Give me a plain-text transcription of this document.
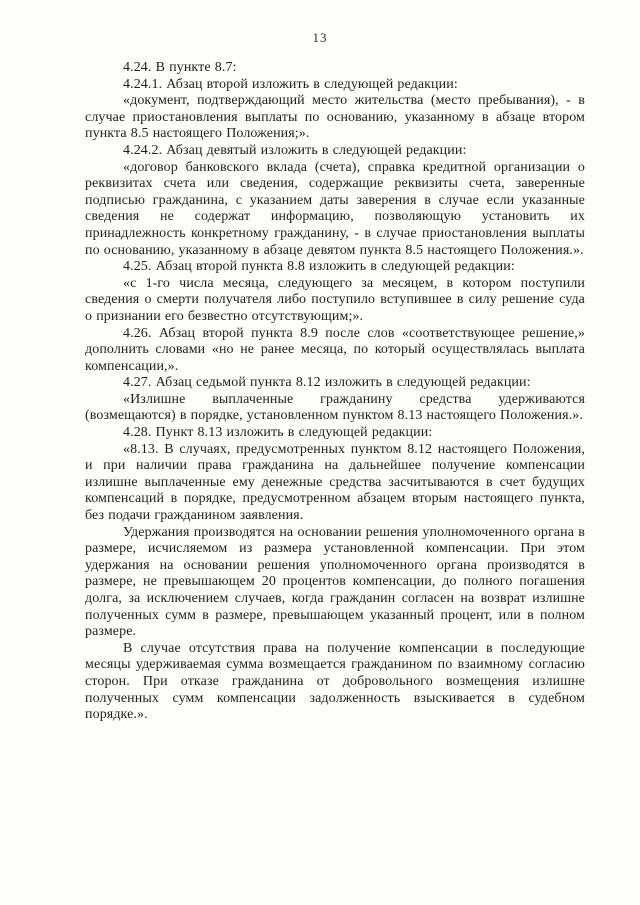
13

4.24. В пункте 8.7:

4.24.1. Абзац второй изложить в следующей редакции:

«документ, подтверждающий место жительства (место пребывания), - в случае приостановления выплаты по основанию, указанному в абзаце втором пункта 8.5 настоящего Положения;».

4.24.2. Абзац девятый изложить в следующей редакции:

«договор банковского вклада (счета), справка кредитной организации о реквизитах счета или сведения, содержащие реквизиты счета, заверенные подписью гражданина, с указанием даты заверения в случае если указанные сведения не содержат информацию, позволяющую установить их принадлежность конкретному гражданину, - в случае приостановления выплаты по основанию, указанному в абзаце девятом пункта 8.5 настоящего Положения.».

4.25. Абзац второй пункта 8.8 изложить в следующей редакции:

«с 1-го числа месяца, следующего за месяцем, в котором поступили сведения о смерти получателя либо поступило вступившее в силу решение суда о признании его безвестно отсутствующим;».

4.26. Абзац второй пункта 8.9 после слов «соответствующее решение,» дополнить словами «но не ранее месяца, по который осуществлялась выплата компенсации,».

4.27. Абзац седьмой пункта 8.12 изложить в следующей редакции:

«Излишне выплаченные гражданину средства удерживаются (возмещаются) в порядке, установленном пунктом 8.13 настоящего Положения.».

4.28. Пункт 8.13 изложить в следующей редакции:

«8.13. В случаях, предусмотренных пунктом 8.12 настоящего Положения, и при наличии права гражданина на дальнейшее получение компенсации излишне выплаченные ему денежные средства засчитываются в счет будущих компенсаций в порядке, предусмотренном абзацем вторым настоящего пункта, без подачи гражданином заявления.

Удержания производятся на основании решения уполномоченного органа в размере, исчисляемом из размера установленной компенсации. При этом удержания на основании решения уполномоченного органа производятся в размере, не превышающем 20 процентов компенсации, до полного погашения долга, за исключением случаев, когда гражданин согласен на возврат излишне полученных сумм в размере, превышающем указанный процент, или в полном размере.

В случае отсутствия права на получение компенсации в последующие месяцы удерживаемая сумма возмещается гражданином по взаимному согласию сторон. При отказе гражданина от добровольного возмещения излишне полученных сумм компенсации задолженность взыскивается в судебном порядке.».
